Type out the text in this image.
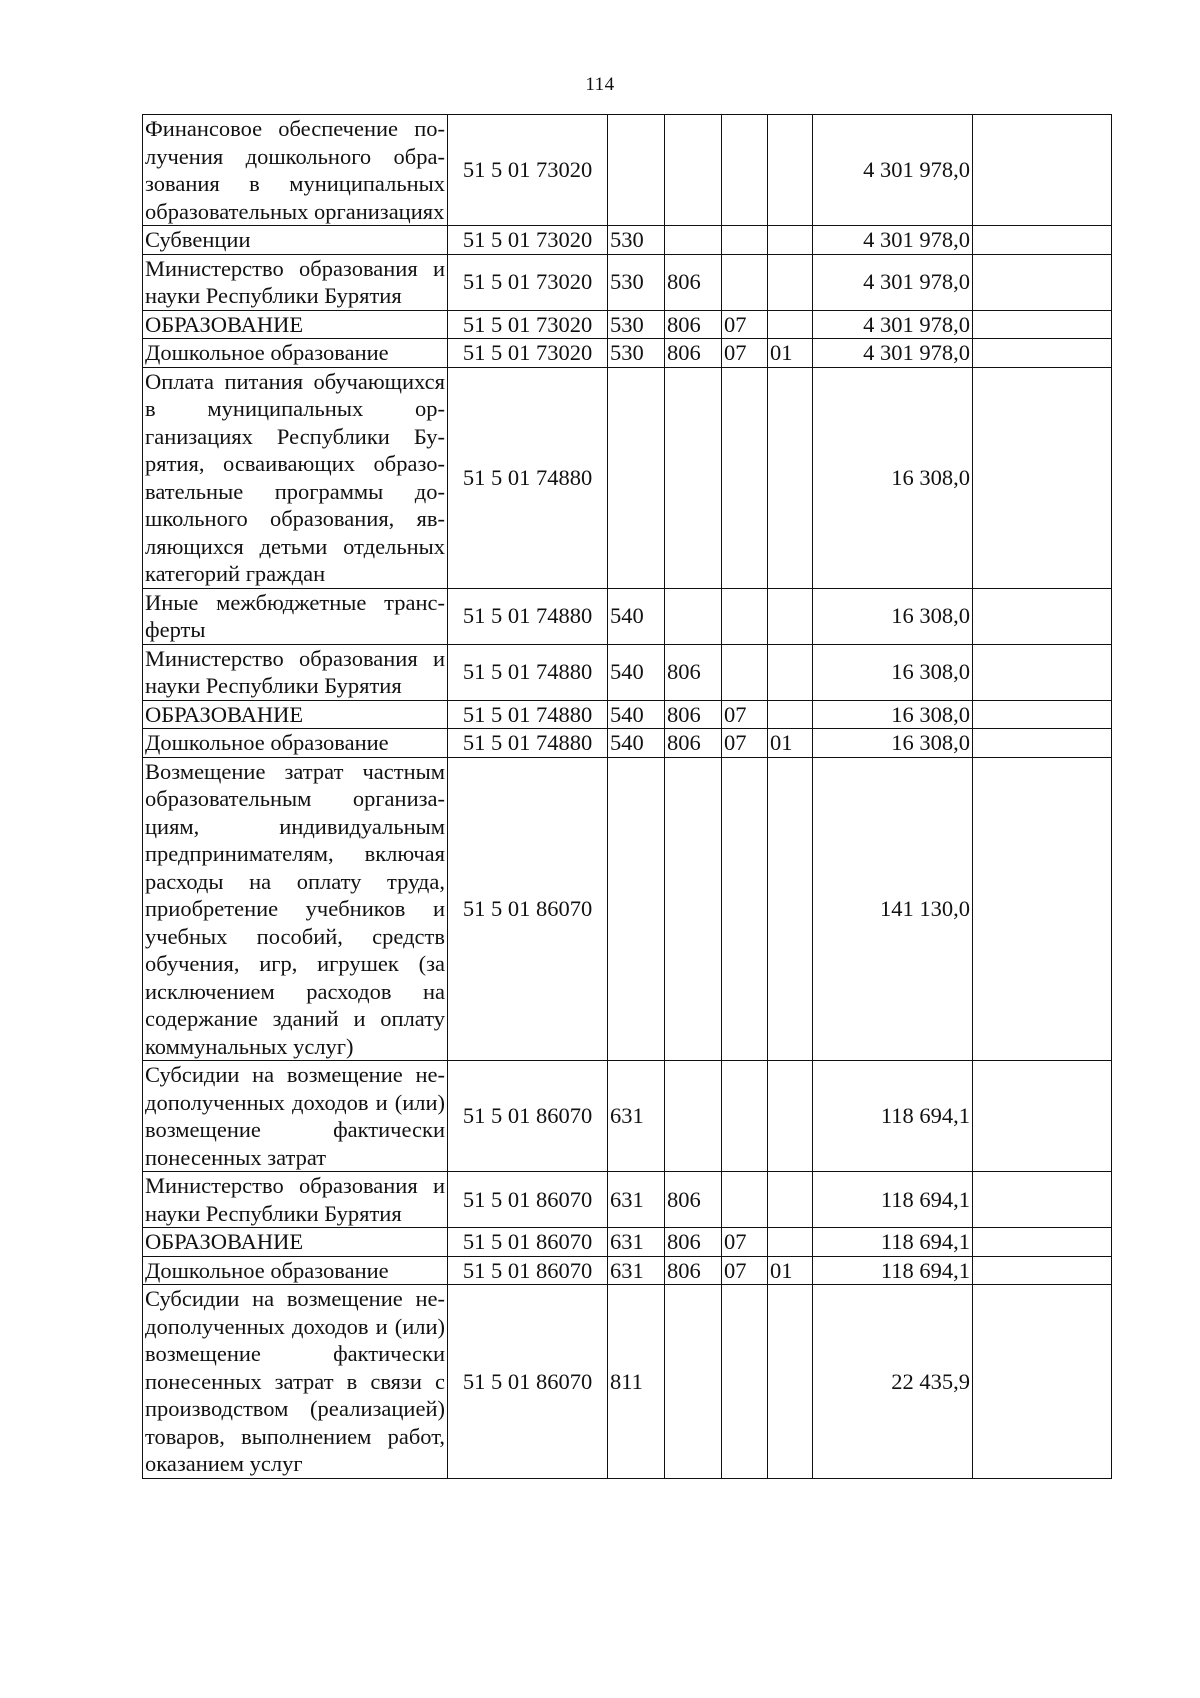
114
Финансовое обеспечение получения дошкольного образования в муниципальных образовательных организациях	51 5 01 73020					4 301 978,0	
Субвенции	51 5 01 73020	530				4 301 978,0	
Министерство образования и науки Республики Бурятия	51 5 01 73020	530	806			4 301 978,0	
ОБРАЗОВАНИЕ	51 5 01 73020	530	806	07		4 301 978,0	
Дошкольное образование	51 5 01 73020	530	806	07	01	4 301 978,0	
Оплата питания обучающихся в муниципальных организациях Республики Бурятия, осваивающих образовательные программы дошкольного образования, являющихся детьми отдельных категорий граждан	51 5 01 74880					16 308,0	
Иные межбюджетные трансферты	51 5 01 74880	540				16 308,0	
Министерство образования и науки Республики Бурятия	51 5 01 74880	540	806			16 308,0	
ОБРАЗОВАНИЕ	51 5 01 74880	540	806	07		16 308,0	
Дошкольное образование	51 5 01 74880	540	806	07	01	16 308,0	
Возмещение затрат частным образовательным организациям, индивидуальным предпринимателям, включая расходы на оплату труда, приобретение учебников и учебных пособий, средств обучения, игр, игрушек (за исключением расходов на содержание зданий и оплату коммунальных услуг)	51 5 01 86070					141 130,0	
Субсидии на возмещение недополученных доходов и (или) возмещение фактически понесенных затрат	51 5 01 86070	631				118 694,1	
Министерство образования и науки Республики Бурятия	51 5 01 86070	631	806			118 694,1	
ОБРАЗОВАНИЕ	51 5 01 86070	631	806	07		118 694,1	
Дошкольное образование	51 5 01 86070	631	806	07	01	118 694,1	
Субсидии на возмещение недополученных доходов и (или) возмещение фактически понесенных затрат в связи с производством (реализацией) товаров, выполнением работ, оказанием услуг	51 5 01 86070	811				22 435,9	
